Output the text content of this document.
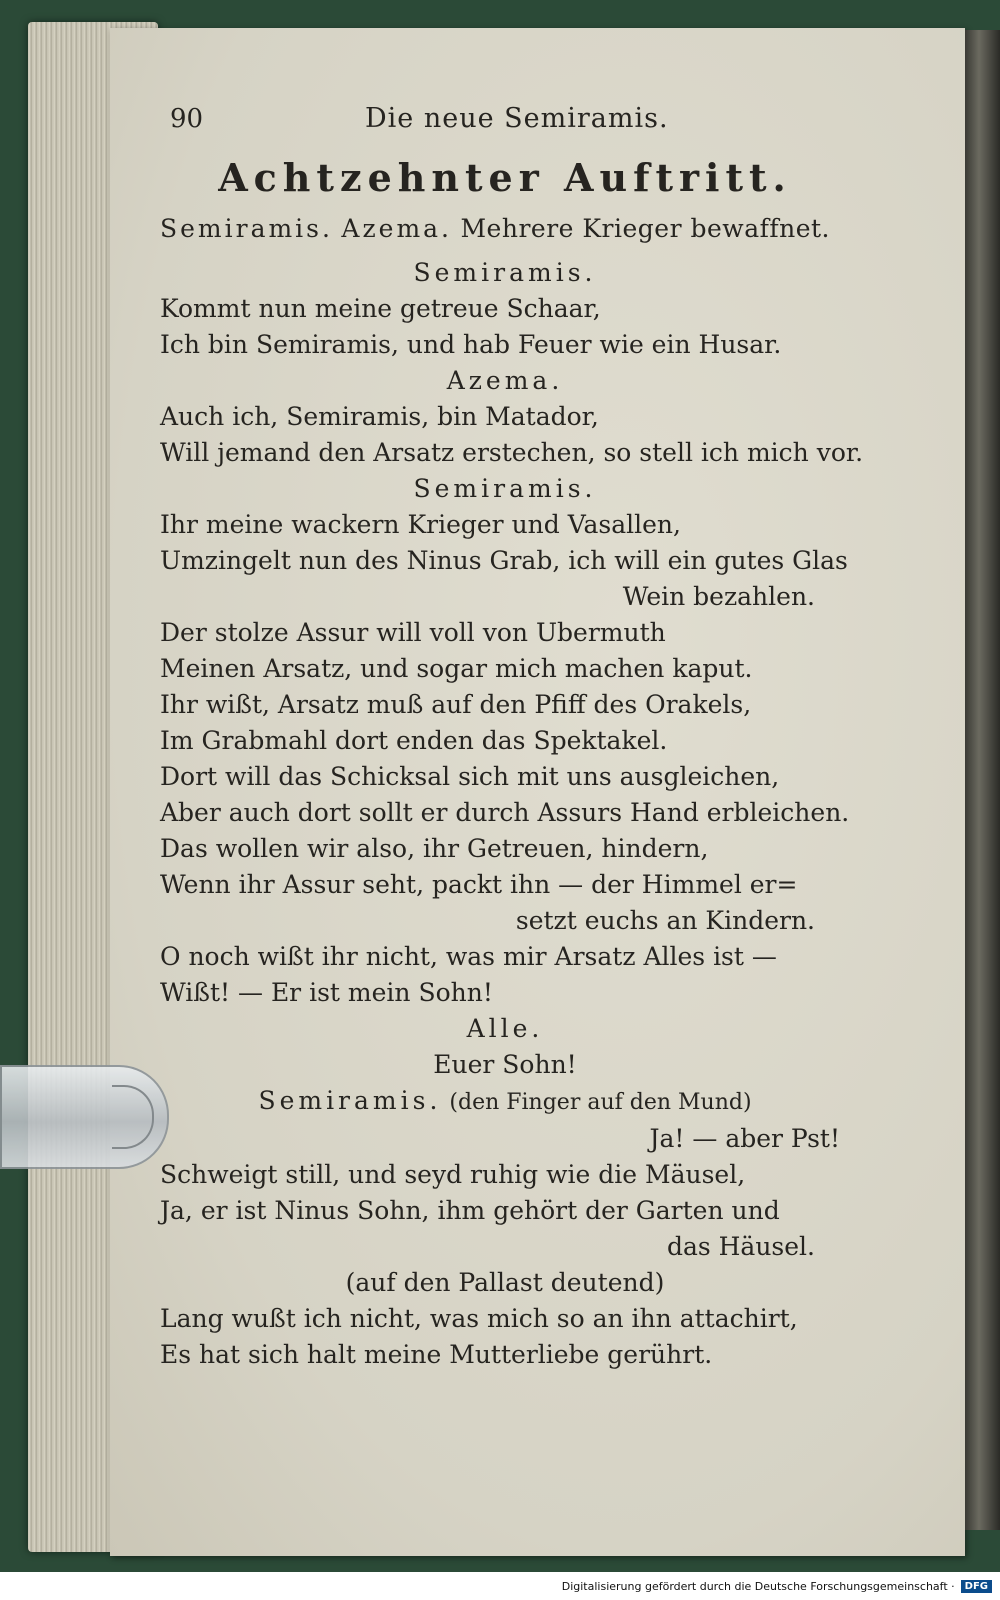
90	Die neue Semiramis.
Achtzehnter Auftritt.
Semiramis. Azema. Mehrere Krieger bewaffnet.
Semiramis.
Kommt nun meine getreue Schaar,
Ich bin Semiramis, und hab Feuer wie ein Husar.
Azema.
Auch ich, Semiramis, bin Matador,
Will jemand den Arsatz erstechen, so stell ich mich vor.
Semiramis.
Ihr meine wackern Krieger und Vasallen,
Umzingelt nun des Ninus Grab, ich will ein gutes Glas
Wein bezahlen.
Der stolze Assur will voll von Ubermuth
Meinen Arsatz, und sogar mich machen kaput.
Ihr wißt, Arsatz muß auf den Pfiff des Orakels,
Im Grabmahl dort enden das Spektakel.
Dort will das Schicksal sich mit uns ausgleichen,
Aber auch dort sollt er durch Assurs Hand erbleichen.
Das wollen wir also, ihr Getreuen, hindern,
Wenn ihr Assur seht, packt ihn — der Himmel er=
setzt euchs an Kindern.
O noch wißt ihr nicht, was mir Arsatz Alles ist —
Wißt! — Er ist mein Sohn!
Alle.
Euer Sohn!
Semiramis. (den Finger auf den Mund)
Ja! — aber Pst!
Schweigt still, und seyd ruhig wie die Mäusel,
Ja, er ist Ninus Sohn, ihm gehört der Garten und
das Häusel.
(auf den Pallast deutend)
Lang wußt ich nicht, was mich so an ihn attachirt,
Es hat sich halt meine Mutterliebe gerührt.
Digitalisierung gefördert durch die Deutsche Forschungsgemeinschaft ·	DFG
